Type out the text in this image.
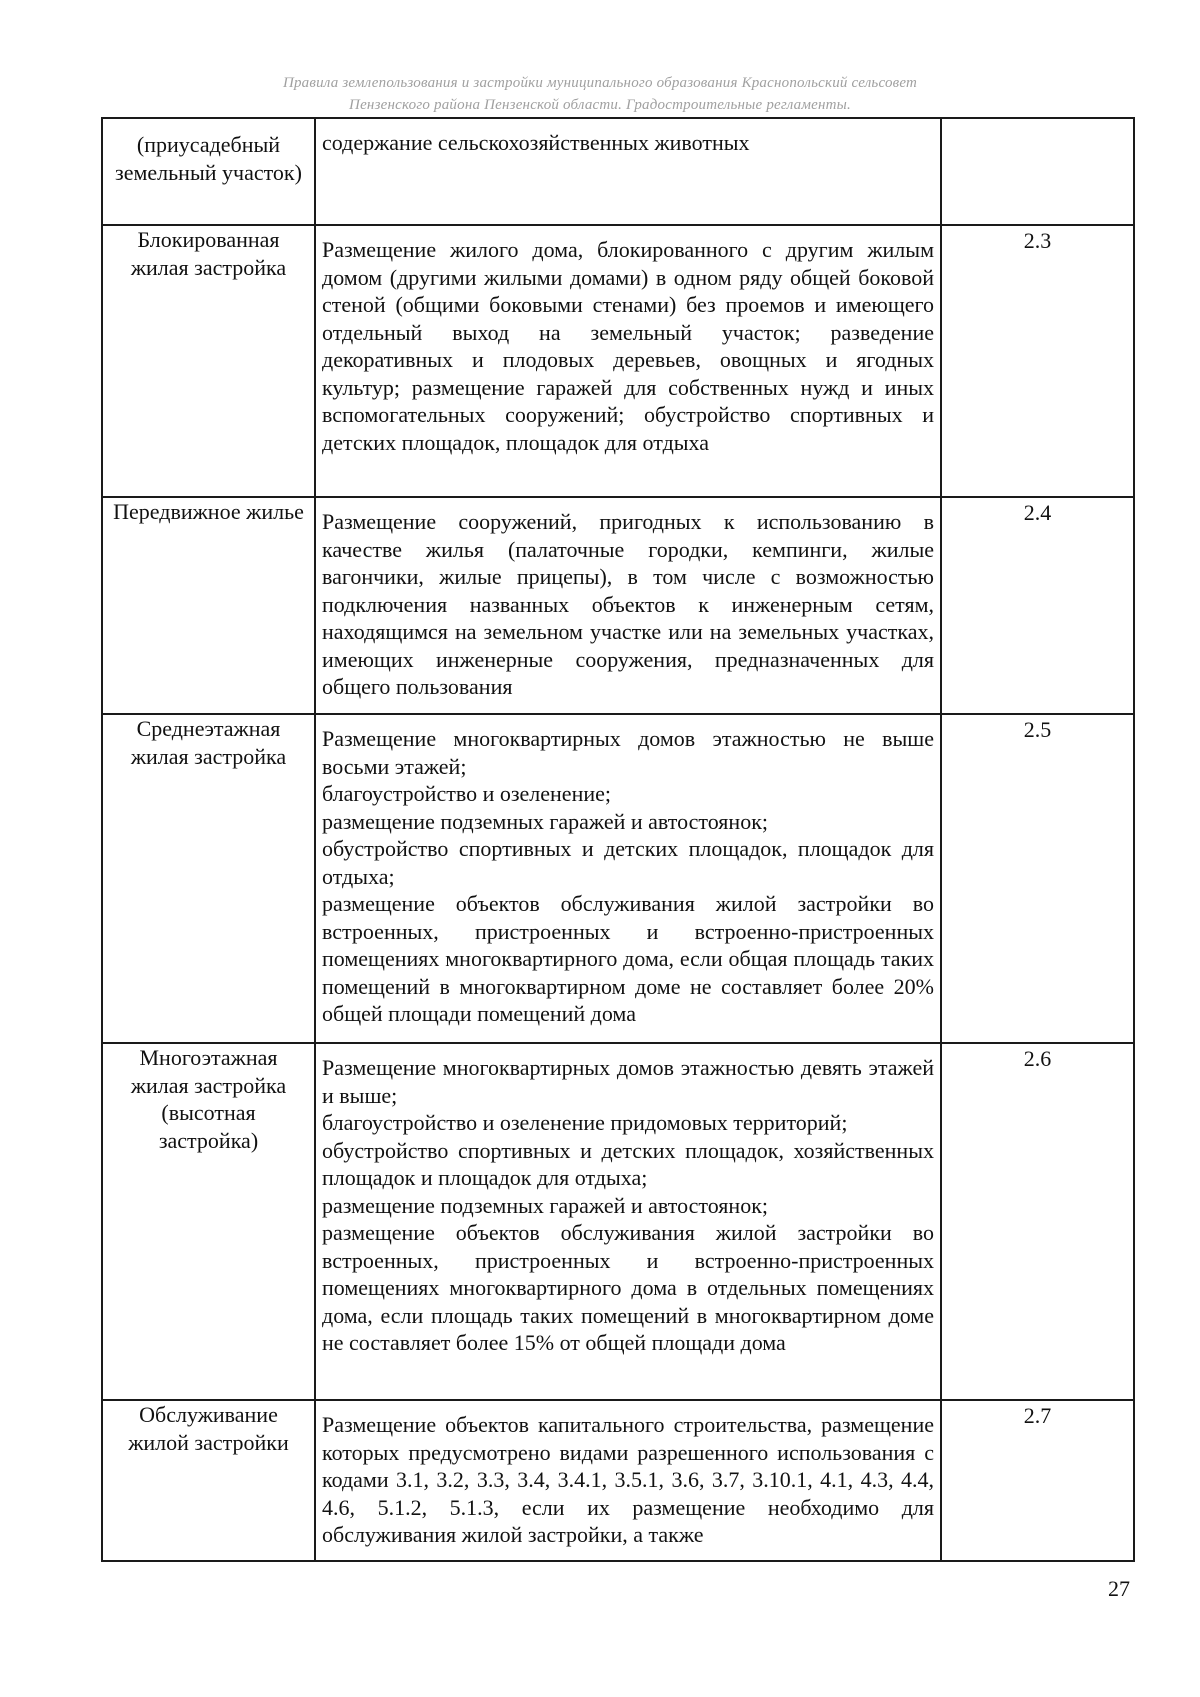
Правила землепользования и застройки муниципального образования Краснопольский сельсовет
Пензенского района Пензенской области. Градостроительные регламенты.
(приусадебный земельный участок)	содержание сельскохозяйственных животных	

Блокированная жилая застройка	Размещение жилого дома, блокированного с другим жилым домом (другими жилыми домами) в одном ряду общей боковой стеной (общими боковыми стенами) без проемов и имеющего отдельный выход на земельный участок; разведение декоративных и плодовых деревьев, овощных и ягодных культур; размещение гаражей для собственных нужд и иных вспомогательных сооружений; обустройство спортивных и детских площадок, площадок для отдыха	2.3
Передвижное жилье	Размещение сооружений, пригодных к использованию в качестве жилья (палаточные городки, кемпинги, жилые вагончики, жилые прицепы), в том числе с возможностью подключения названных объектов к инженерным сетям, находящимся на земельном участке или на земельных участках, имеющих инженерные сооружения, предназначенных для общего пользования	2.4
Среднеэтажная жилая застройка	Размещение многоквартирных домов этажностью не выше восьми этажей;
благоустройство и озеленение;
размещение подземных гаражей и автостоянок;
обустройство спортивных и детских площадок, площадок для отдыха;
размещение объектов обслуживания жилой застройки во встроенных, пристроенных и встроенно-пристроенных помещениях многоквартирного дома, если общая площадь таких помещений в многоквартирном доме не составляет более 20% общей площади помещений дома	2.5
Многоэтажная жилая застройка (высотная застройка)	Размещение многоквартирных домов этажностью девять этажей и выше;
благоустройство и озеленение придомовых территорий;
обустройство спортивных и детских площадок, хозяйственных площадок и площадок для отдыха;
размещение подземных гаражей и автостоянок;
размещение объектов обслуживания жилой застройки во встроенных, пристроенных и встроенно-пристроенных помещениях многоквартирного дома в отдельных помещениях дома, если площадь таких помещений в многоквартирном доме не составляет более 15% от общей площади дома	2.6
Обслуживание жилой застройки	Размещение объектов капитального строительства, размещение которых предусмотрено видами разрешенного использования с кодами 3.1, 3.2, 3.3, 3.4, 3.4.1, 3.5.1, 3.6, 3.7, 3.10.1, 4.1, 4.3, 4.4, 4.6, 5.1.2, 5.1.3, если их размещение необходимо для обслуживания жилой застройки, а также	2.7
27
